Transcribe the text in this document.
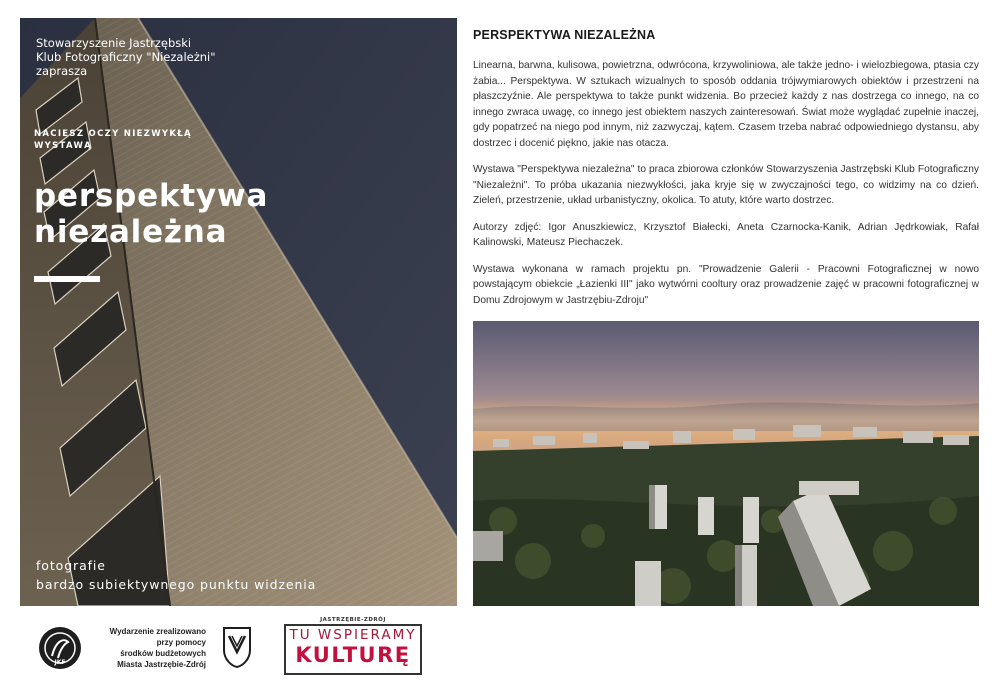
Stowarzyszenie Jastrzębski
Klub Fotograficzny "Niezależni"
zaprasza
NACIESZ OCZY NIEZWYKŁĄ
WYSTAWĄ
perspektywa
niezależna
fotografie
bardzo subiektywnego punktu widzenia
PERSPEKTYWA NIEZALEŻNA

Linearna, barwna, kulisowa, powietrzna, odwrócona, krzywoliniowa, ale także jedno- i wielozbiegowa, ptasia czy żabia... Perspektywa. W sztukach wizualnych to sposób oddania trójwymiarowych obiektów i przestrzeni na płaszczyźnie. Ale perspektywa to także punkt widzenia. Bo przecież każdy z nas dostrzega co innego, na co innego zwraca uwagę, co innego jest obiektem naszych zainteresowań. Świat może wyglądać zupełnie inaczej, gdy popatrzeć na niego pod innym, niż zazwyczaj, kątem. Czasem trzeba nabrać odpowiedniego dystansu, aby dostrzec i docenić piękno, jakie nas otacza.

Wystawa "Perspektywa niezależna" to praca zbiorowa członków Stowarzyszenia Jastrzębski Klub Fotograficzny "Niezależni". To próba ukazania niezwykłości, jaka kryje się w zwyczajności tego, co widzimy na co dzień. Zieleń, przestrzenie, układ urbanistyczny, okolica. To atuty, które warto dostrzec.

Autorzy zdjęć: Igor Anuszkiewicz, Krzysztof Białecki, Aneta Czarnocka-Kanik, Adrian Jędrkowiak, Rafał Kalinowski, Mateusz Piechaczek.

Wystawa wykonana w ramach projektu pn. "Prowadzenie Galerii - Pracowni Fotograficznej w nowo powstającym obiekcie „Łazienki III" jako wytwórni cooltury oraz prowadzenie zajęć w pracowni fotograficznej w Domu Zdrojowym w Jastrzębiu-Zdroju"

JKF
Wydarzenie zrealizowano
przy pomocy
środków budżetowych
Miasta Jastrzębie-Zdrój
JASTRZĘBIE-ZDRÓJ
TU WSPIERAMY
KULTURĘ
